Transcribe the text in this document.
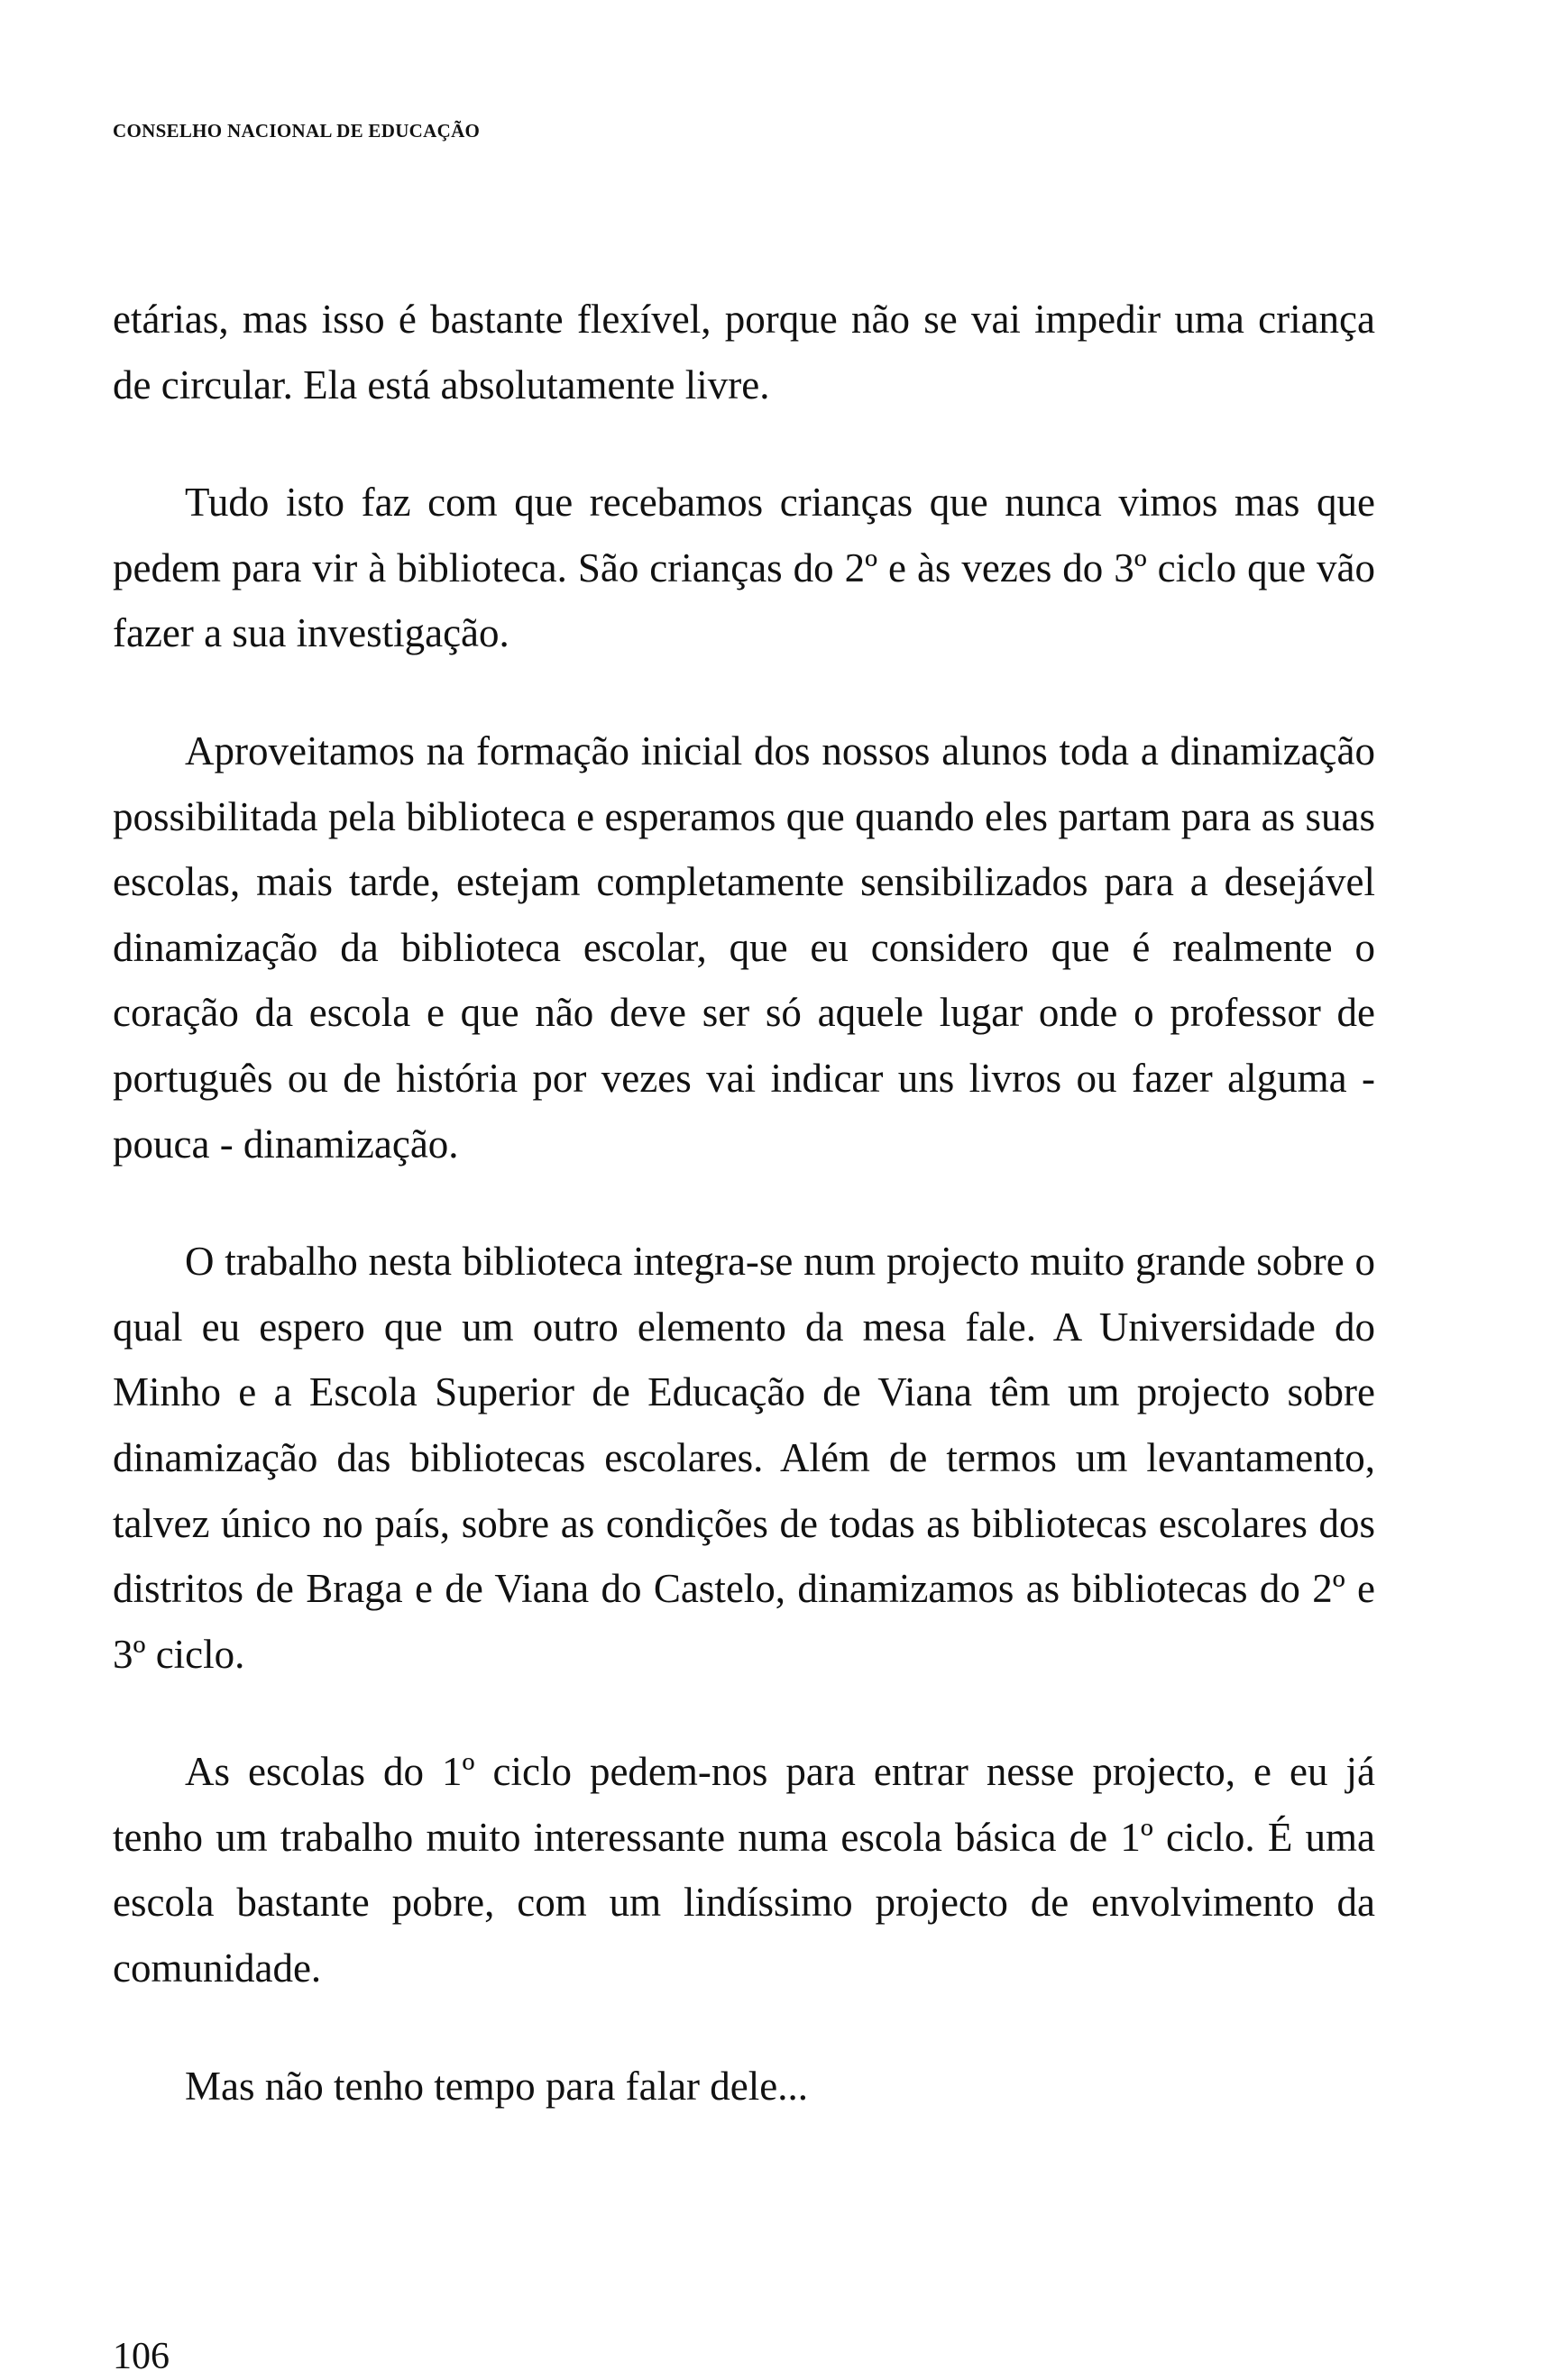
CONSELHO NACIONAL DE EDUCAÇÃO

etárias, mas isso é bastante flexível, porque não se vai impedir uma criança de circular. Ela está absolutamente livre.

Tudo isto faz com que recebamos crianças que nunca vimos mas que pedem para vir à biblioteca. São crianças do 2º e às vezes do 3º ciclo que vão fazer a sua investigação.

Aproveitamos na formação inicial dos nossos alunos toda a dinamização possibilitada pela biblioteca e esperamos que quando eles partam para as suas escolas, mais tarde, estejam completamente sensibilizados para a desejável dinamização da biblioteca escolar, que eu considero que é realmente o coração da escola e que não deve ser só aquele lugar onde o professor de português ou de história por vezes vai indicar uns livros ou fazer alguma - pouca - dinamização.

O trabalho nesta biblioteca integra-se num projecto muito grande sobre o qual eu espero que um outro elemento da mesa fale. A Universidade do Minho e a Escola Superior de Educação de Viana têm um projecto sobre dinamização das bibliotecas escolares. Além de termos um levantamento, talvez único no país, sobre as condições de todas as bibliotecas escolares dos distritos de Braga e de Viana do Castelo, dinamizamos as bibliotecas do 2º e 3º ciclo.

As escolas do 1º ciclo pedem-nos para entrar nesse projecto, e eu já tenho um trabalho muito interessante numa escola básica de 1º ciclo. É uma escola bastante pobre, com um lindíssimo projecto de envolvimento da comunidade.

Mas não tenho tempo para falar dele...

106
